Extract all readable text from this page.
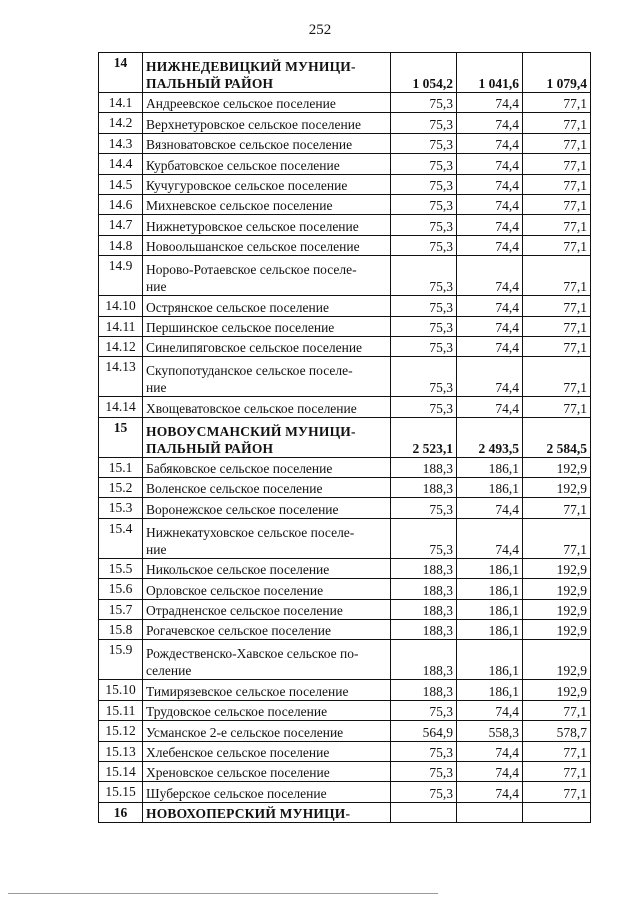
252
14	НИЖНЕДЕВИЦКИЙ МУНИЦИ-
ПАЛЬНЫЙ РАЙОН	1 054,2	1 041,6	1 079,4
14.1	Андреевское сельское поселение	75,3	74,4	77,1
14.2	Верхнетуровское сельское поселение	75,3	74,4	77,1
14.3	Вязноватовское сельское поселение	75,3	74,4	77,1
14.4	Курбатовское сельское поселение	75,3	74,4	77,1
14.5	Кучугуровское сельское поселение	75,3	74,4	77,1
14.6	Михневское сельское поселение	75,3	74,4	77,1
14.7	Нижнетуровское сельское поселение	75,3	74,4	77,1
14.8	Новоольшанское сельское поселение	75,3	74,4	77,1
14.9	Норово-Ротаевское сельское поселе-
ние	75,3	74,4	77,1
14.10	Острянское сельское поселение	75,3	74,4	77,1
14.11	Першинское сельское поселение	75,3	74,4	77,1
14.12	Синелипяговское сельское поселение	75,3	74,4	77,1
14.13	Скупопотуданское сельское поселе-
ние	75,3	74,4	77,1
14.14	Хвощеватовское сельское поселение	75,3	74,4	77,1
15	НОВОУСМАНСКИЙ МУНИЦИ-
ПАЛЬНЫЙ РАЙОН	2 523,1	2 493,5	2 584,5
15.1	Бабяковское сельское поселение	188,3	186,1	192,9
15.2	Воленское сельское поселение	188,3	186,1	192,9
15.3	Воронежское сельское поселение	75,3	74,4	77,1
15.4	Нижнекатуховское сельское поселе-
ние	75,3	74,4	77,1
15.5	Никольское сельское поселение	188,3	186,1	192,9
15.6	Орловское сельское поселение	188,3	186,1	192,9
15.7	Отрадненское сельское поселение	188,3	186,1	192,9
15.8	Рогачевское сельское поселение	188,3	186,1	192,9
15.9	Рождественско-Хавское сельское по-
селение	188,3	186,1	192,9
15.10	Тимирязевское сельское поселение	188,3	186,1	192,9
15.11	Трудовское сельское поселение	75,3	74,4	77,1
15.12	Усманское 2-е сельское поселение	564,9	558,3	578,7
15.13	Хлебенское сельское поселение	75,3	74,4	77,1
15.14	Хреновское сельское поселение	75,3	74,4	77,1
15.15	Шуберское сельское поселение	75,3	74,4	77,1
16	НОВОХОПЕРСКИЙ МУНИЦИ-			
